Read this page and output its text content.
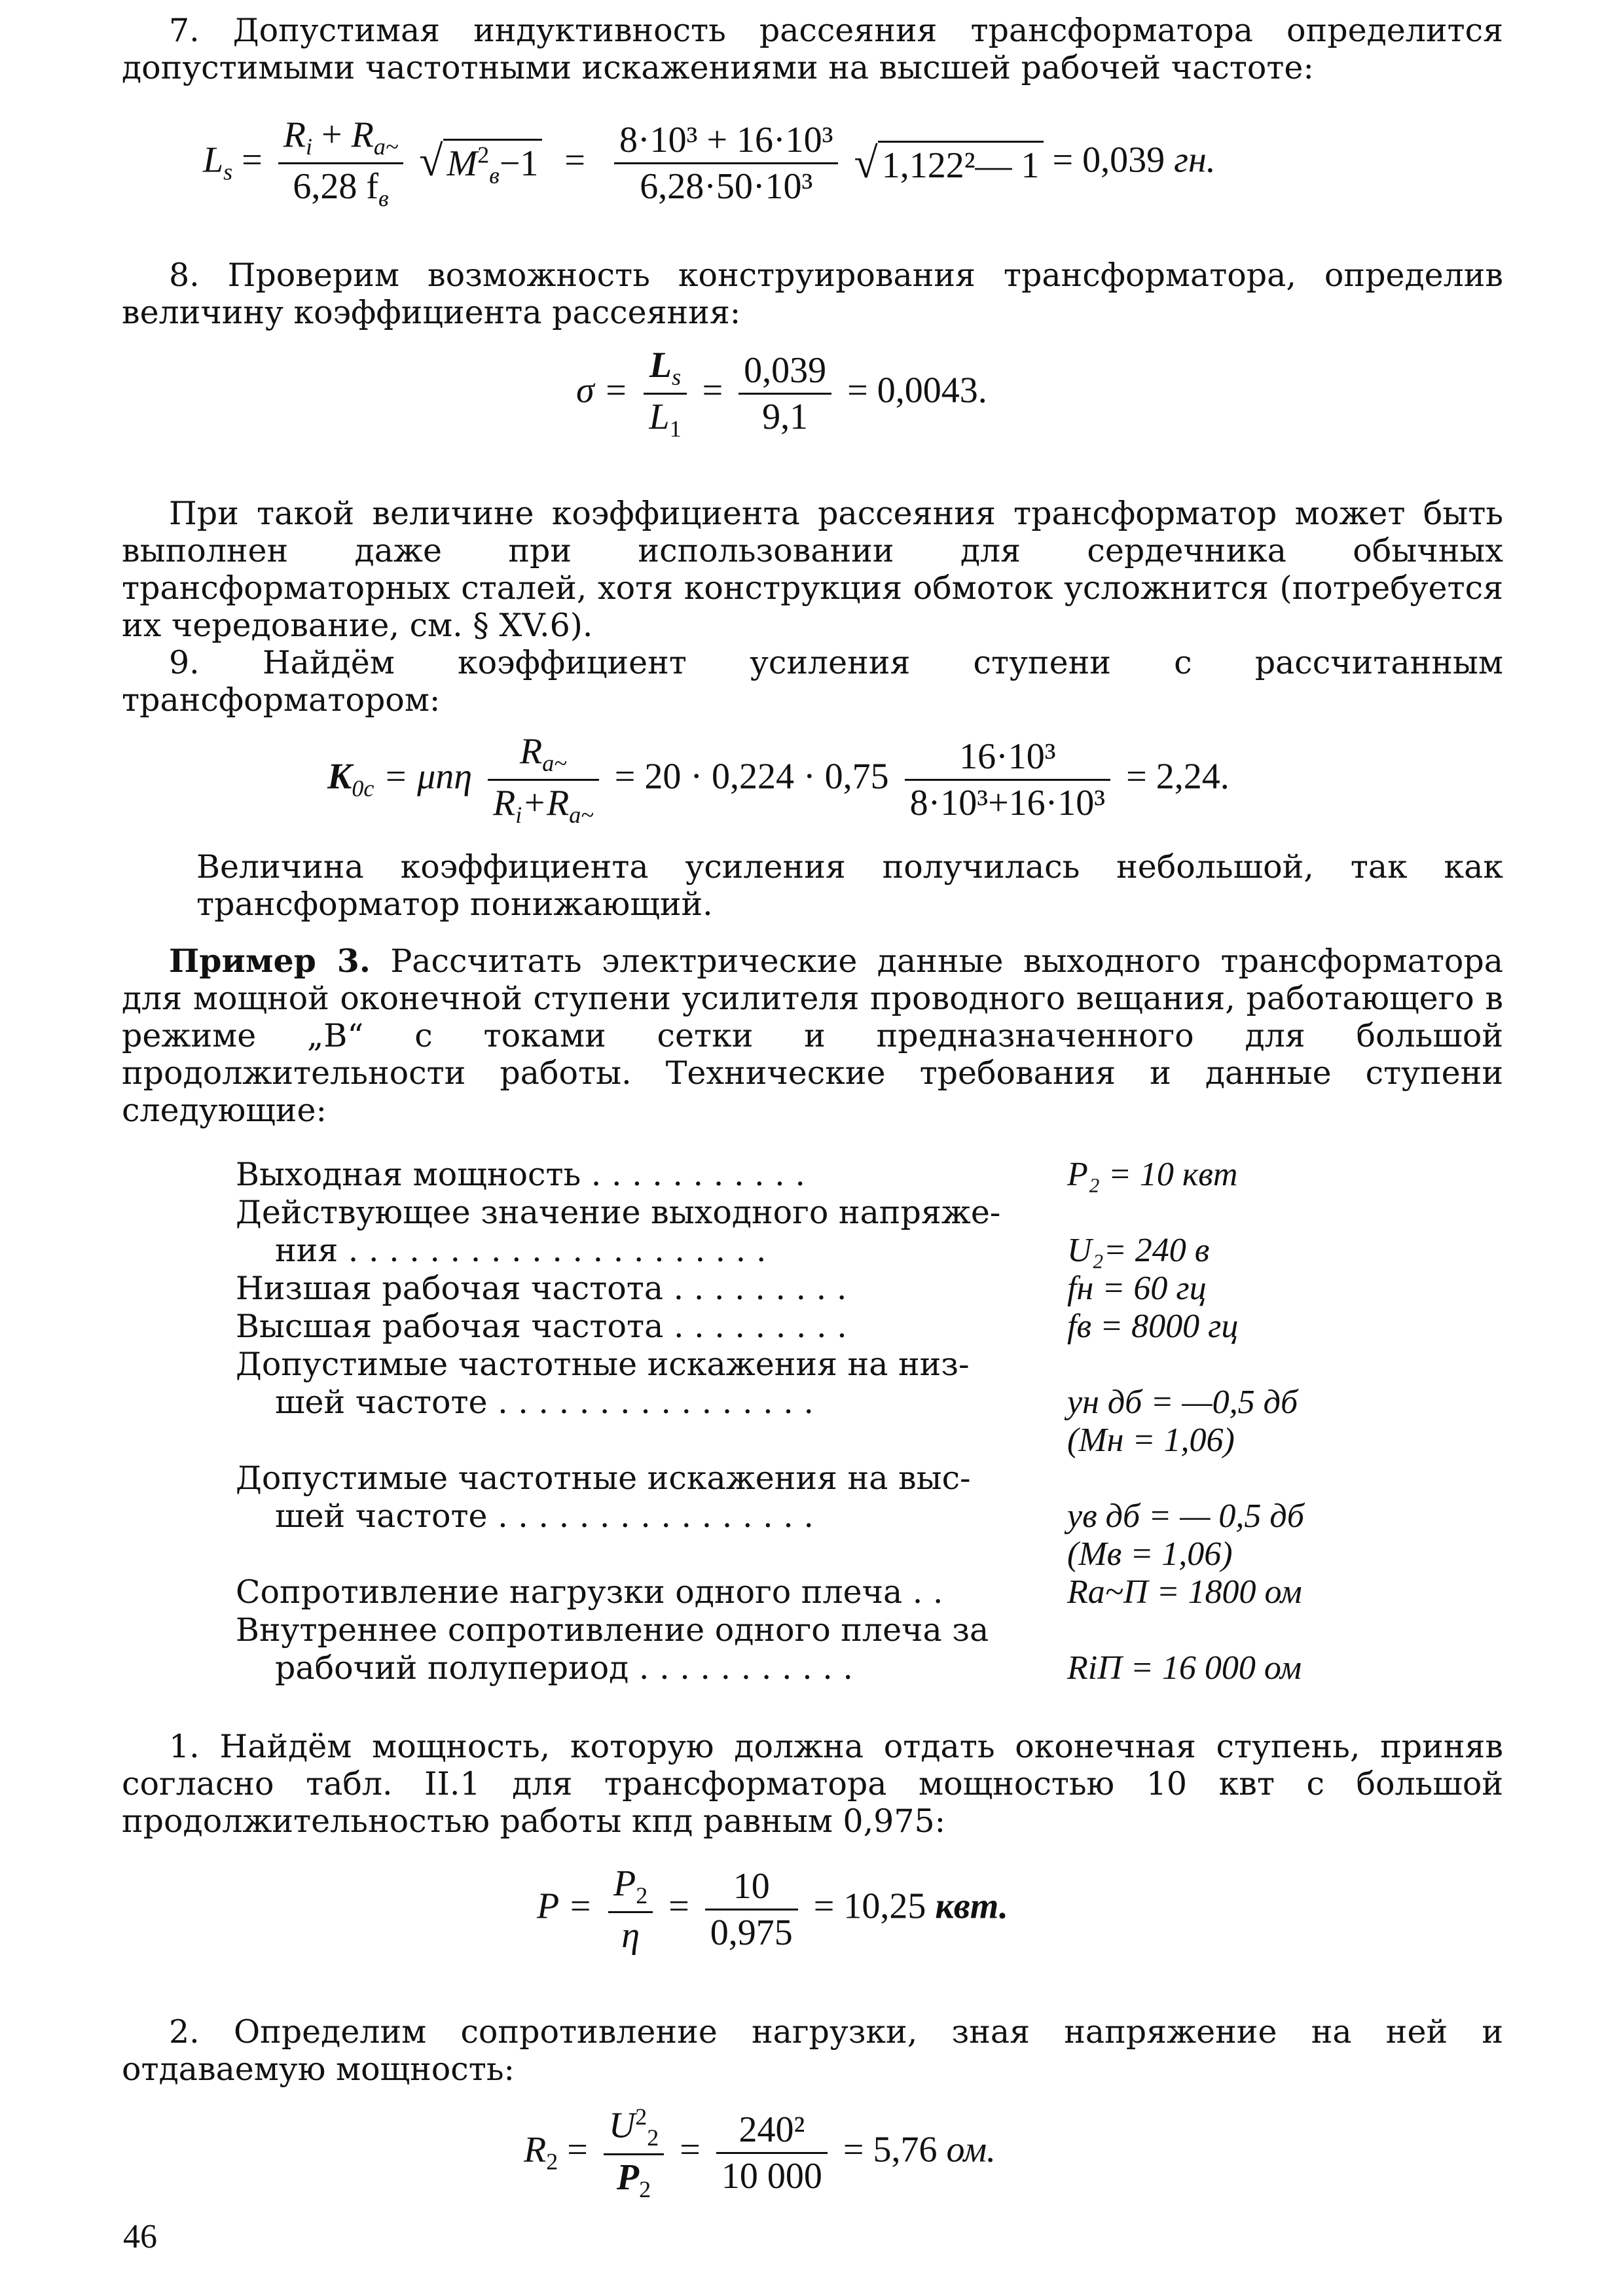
7. Допустимая индуктивность рассеяния трансформатора определится допустимыми частотными искажениями на высшей рабочей частоте:

$L_s = \frac{R_i + R_{a\sim}}{6,28 f_в}$ √ $M^2_в-1 = \frac{\text{8·10³ + 16·10³}}{\text{6,28·50·10³}}$ √ 1,122²— 1 = 0,039 гн.

8. Проверим возможность конструирования трансформатора, определив величину коэффициента рассеяния:

$\sigma = \frac{L_s}{L_1} = \frac{0,039}{9,1} = 0,0043$.

При такой величине коэффициента рассеяния трансформатор может быть выполнен даже при использовании для сердечника обычных трансформаторных сталей, хотя конструкция обмоток усложнится (потребуется их чередование, см. § XV.6).

9. Найдём коэффициент усиления ступени с рассчитанным трансформатором:

$K_{0c} = \mu n\eta \frac{R_{a\sim}}{R_i+R_{a\sim}} = 20 \cdot 0,224 \cdot 0,75 \frac{\text{16·10³}}{\text{8·10³+16·10³}} = 2,24$.

Величина коэффициента усиления получилась небольшой, так как трансформатор понижающий.

Пример 3. Рассчитать электрические данные выходного трансформатора для мощной оконечной ступени усилителя проводного вещания, работающего в режиме „В“ с токами сетки и предназначенного для большой продолжительности работы. Технические требования и данные ступени следующие:

Выходная мощность . . . . . . . . . . .	P₂ = 10 квт
Действующее значение выходного напряже-
ния . . . . . . . . . . . . . . . . . . . . .	U₂= 240 в
Низшая рабочая частота . . . . . . . . .	fн = 60 гц
Высшая рабочая частота . . . . . . . . .	fв = 8000 гц
Допустимые частотные искажения на низ-
шей частоте . . . . . . . . . . . . . . . .	yн дб = —0,5 дб
(Mн = 1,06)
Допустимые частотные искажения на выс-
шей частоте . . . . . . . . . . . . . . . .	yв дб = — 0,5 дб
(Mв = 1,06)
Сопротивление нагрузки одного плеча . .	Ra~П = 1800 ом
Внутреннее сопротивление одного плеча за
рабочий полупериод . . . . . . . . . . .	RiП = 16 000 ом

1. Найдём мощность, которую должна отдать оконечная ступень, приняв согласно табл. II.1 для трансформатора мощностью 10 квт с большой продолжительностью работы кпд равным 0,975:

$P = \frac{P_2}{\eta} = \frac{10}{0,975} = 10,25$ квт.

2. Определим сопротивление нагрузки, зная напряжение на ней и отдаваемую мощность:

$R_2 = \frac{U^2_2}{P_2} = \frac{\text{240²}}{10 000} = 5,76$ ом.
46
